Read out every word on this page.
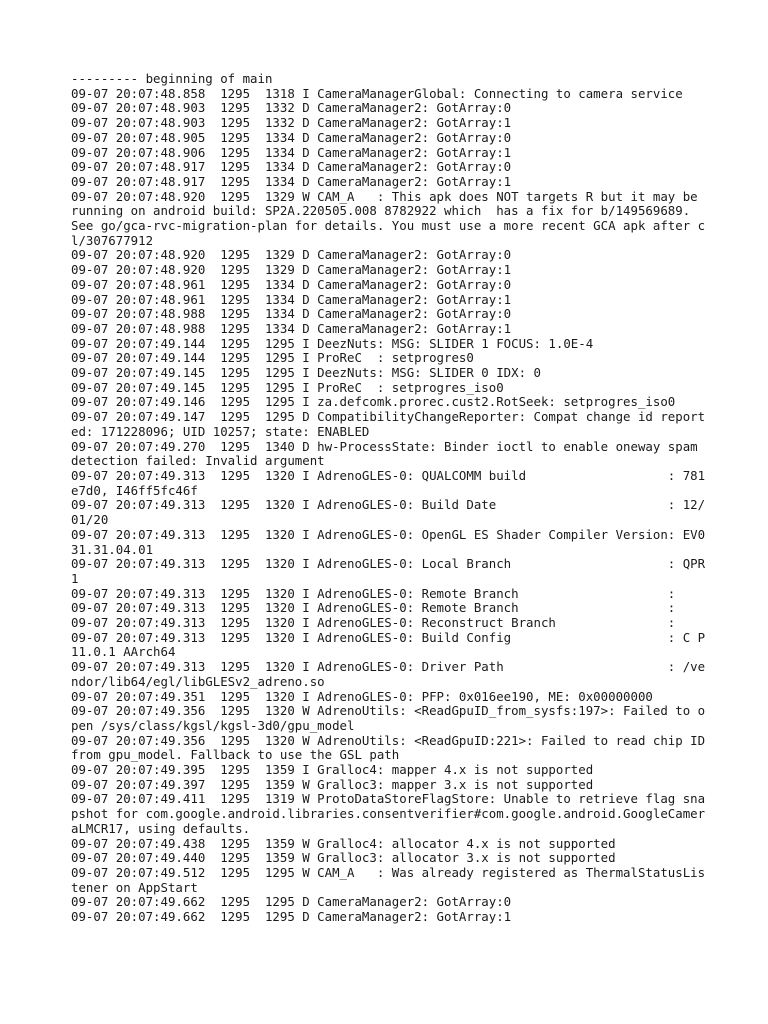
--------- beginning of main
09-07 20:07:48.858  1295  1318 I CameraManagerGlobal: Connecting to camera service
09-07 20:07:48.903  1295  1332 D CameraManager2: GotArray:0
09-07 20:07:48.903  1295  1332 D CameraManager2: GotArray:1
09-07 20:07:48.905  1295  1334 D CameraManager2: GotArray:0
09-07 20:07:48.906  1295  1334 D CameraManager2: GotArray:1
09-07 20:07:48.917  1295  1334 D CameraManager2: GotArray:0
09-07 20:07:48.917  1295  1334 D CameraManager2: GotArray:1
09-07 20:07:48.920  1295  1329 W CAM_A   : This apk does NOT targets R but it may be running on android build: SP2A.220505.008 8782922 which  has a fix for b/149569689.  See go/gca-rvc-migration-plan for details. You must use a more recent GCA apk after cl/307677912
09-07 20:07:48.920  1295  1329 D CameraManager2: GotArray:0
09-07 20:07:48.920  1295  1329 D CameraManager2: GotArray:1
09-07 20:07:48.961  1295  1334 D CameraManager2: GotArray:0
09-07 20:07:48.961  1295  1334 D CameraManager2: GotArray:1
09-07 20:07:48.988  1295  1334 D CameraManager2: GotArray:0
09-07 20:07:48.988  1295  1334 D CameraManager2: GotArray:1
09-07 20:07:49.144  1295  1295 I DeezNuts: MSG: SLIDER 1 FOCUS: 1.0E-4
09-07 20:07:49.144  1295  1295 I ProReC  : setprogres0
09-07 20:07:49.145  1295  1295 I DeezNuts: MSG: SLIDER 0 IDX: 0
09-07 20:07:49.145  1295  1295 I ProReC  : setprogres_iso0
09-07 20:07:49.146  1295  1295 I za.defcomk.prorec.cust2.RotSeek: setprogres_iso0
09-07 20:07:49.147  1295  1295 D CompatibilityChangeReporter: Compat change id reported: 171228096; UID 10257; state: ENABLED
09-07 20:07:49.270  1295  1340 D hw-ProcessState: Binder ioctl to enable oneway spam detection failed: Invalid argument
09-07 20:07:49.313  1295  1320 I AdrenoGLES-0: QUALCOMM build                   : 781e7d0, I46ff5fc46f
09-07 20:07:49.313  1295  1320 I AdrenoGLES-0: Build Date                       : 12/01/20
09-07 20:07:49.313  1295  1320 I AdrenoGLES-0: OpenGL ES Shader Compiler Version: EV031.31.04.01
09-07 20:07:49.313  1295  1320 I AdrenoGLES-0: Local Branch                     : QPR1
09-07 20:07:49.313  1295  1320 I AdrenoGLES-0: Remote Branch                    :
09-07 20:07:49.313  1295  1320 I AdrenoGLES-0: Remote Branch                    :
09-07 20:07:49.313  1295  1320 I AdrenoGLES-0: Reconstruct Branch               :
09-07 20:07:49.313  1295  1320 I AdrenoGLES-0: Build Config                     : C P 11.0.1 AArch64
09-07 20:07:49.313  1295  1320 I AdrenoGLES-0: Driver Path                      : /vendor/lib64/egl/libGLESv2_adreno.so
09-07 20:07:49.351  1295  1320 I AdrenoGLES-0: PFP: 0x016ee190, ME: 0x00000000
09-07 20:07:49.356  1295  1320 W AdrenoUtils: <ReadGpuID_from_sysfs:197>: Failed to open /sys/class/kgsl/kgsl-3d0/gpu_model
09-07 20:07:49.356  1295  1320 W AdrenoUtils: <ReadGpuID:221>: Failed to read chip ID from gpu_model. Fallback to use the GSL path
09-07 20:07:49.395  1295  1359 I Gralloc4: mapper 4.x is not supported
09-07 20:07:49.397  1295  1359 W Gralloc3: mapper 3.x is not supported
09-07 20:07:49.411  1295  1319 W ProtoDataStoreFlagStore: Unable to retrieve flag snapshot for com.google.android.libraries.consentverifier#com.google.android.GoogleCameraLMCR17, using defaults.
09-07 20:07:49.438  1295  1359 W Gralloc4: allocator 4.x is not supported
09-07 20:07:49.440  1295  1359 W Gralloc3: allocator 3.x is not supported
09-07 20:07:49.512  1295  1295 W CAM_A   : Was already registered as ThermalStatusListener on AppStart
09-07 20:07:49.662  1295  1295 D CameraManager2: GotArray:0
09-07 20:07:49.662  1295  1295 D CameraManager2: GotArray:1
